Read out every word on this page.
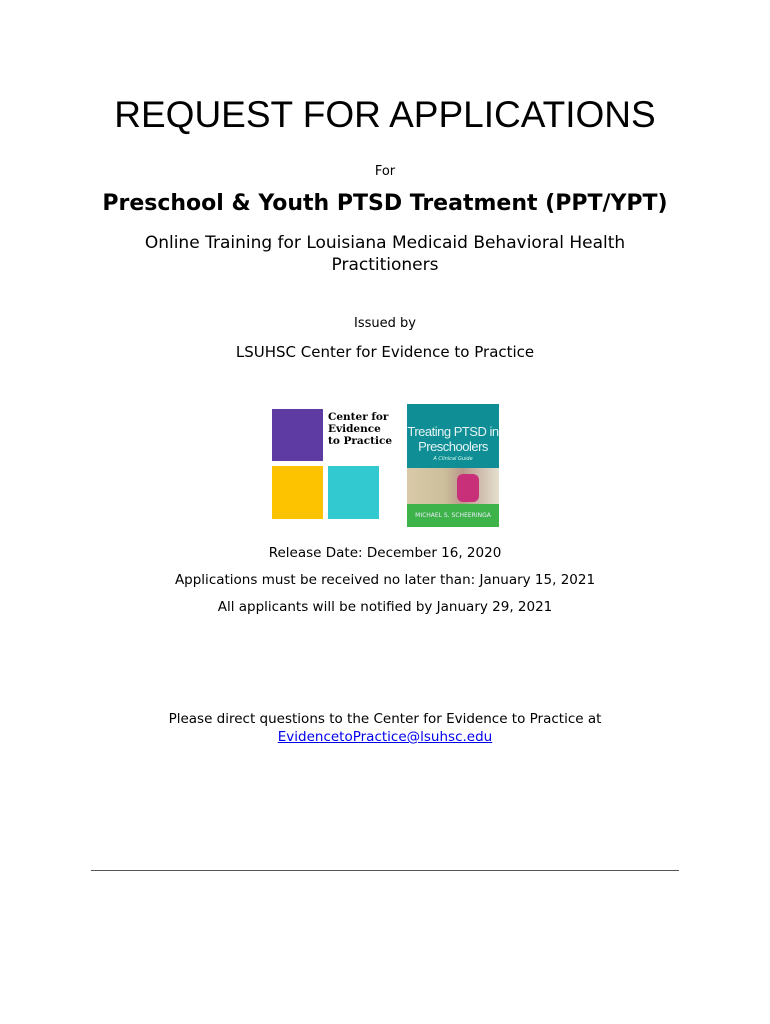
REQUEST FOR APPLICATIONS
For
Preschool & Youth PTSD Treatment (PPT/YPT)
Online Training for Louisiana Medicaid Behavioral Health Practitioners
Issued by
LSUHSC Center for Evidence to Practice
Center for
Evidence
to Practice
Treating PTSD in Preschoolers
A Clinical Guide
MICHAEL S. SCHEERINGA
Release Date: December 16, 2020
Applications must be received no later than: January 15, 2021
All applicants will be notified by January 29, 2021
Please direct questions to the Center for Evidence to Practice at
EvidencetoPractice@lsuhsc.edu
